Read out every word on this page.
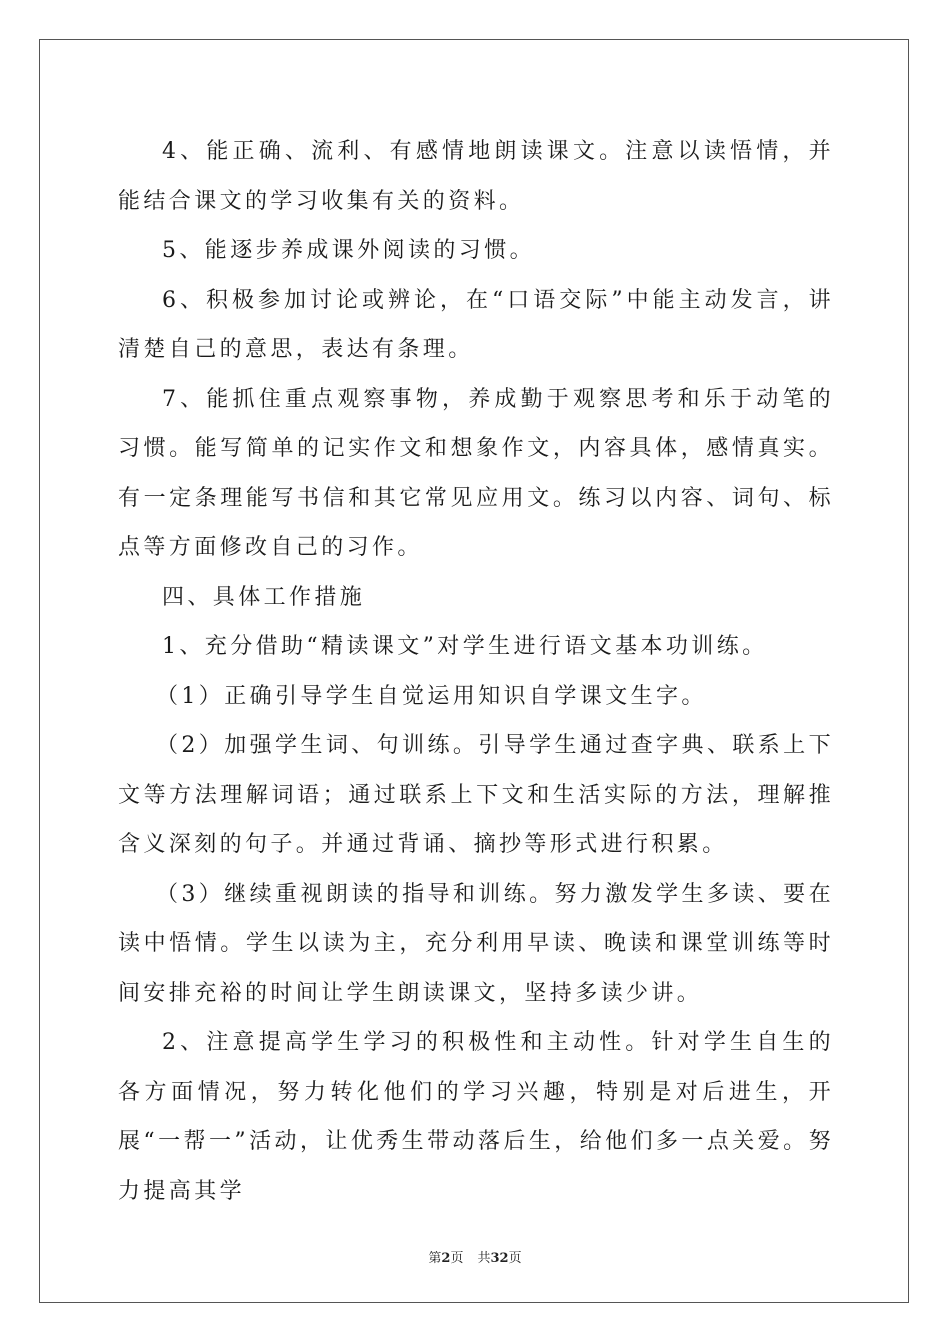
4、能正确、流利、有感情地朗读课文。注意以读悟情，并能结合课文的学习收集有关的资料。

5、能逐步养成课外阅读的习惯。

6、积极参加讨论或辨论，在“口语交际”中能主动发言，讲清楚自己的意思，表达有条理。

7、能抓住重点观察事物，养成勤于观察思考和乐于动笔的习惯。能写简单的记实作文和想象作文，内容具体，感情真实。有一定条理能写书信和其它常见应用文。练习以内容、词句、标点等方面修改自己的习作。

四、具体工作措施

1、充分借助“精读课文”对学生进行语文基本功训练。

（1）正确引导学生自觉运用知识自学课文生字。

（2）加强学生词、句训练。引导学生通过查字典、联系上下文等方法理解词语；通过联系上下文和生活实际的方法，理解推含义深刻的句子。并通过背诵、摘抄等形式进行积累。

（3）继续重视朗读的指导和训练。努力激发学生多读、要在读中悟情。学生以读为主，充分利用早读、晚读和课堂训练等时间安排充裕的时间让学生朗读课文，坚持多读少讲。

2、注意提高学生学习的积极性和主动性。针对学生自生的各方面情况，努力转化他们的学习兴趣，特别是对后进生，开展“一帮一”活动，让优秀生带动落后生，给他们多一点关爱。努力提高其学

第2页 共32页
